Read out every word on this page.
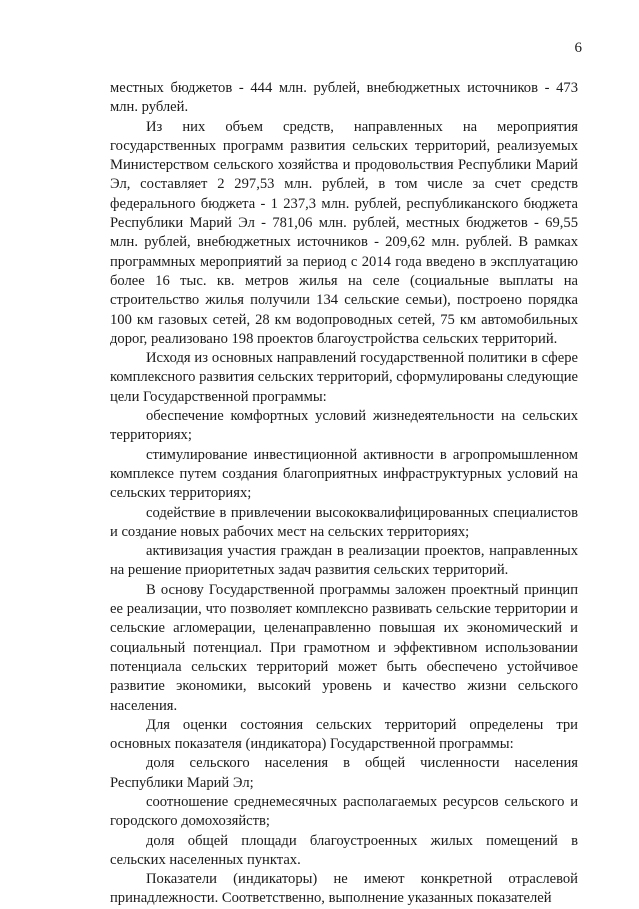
6

местных бюджетов - 444 млн. рублей, внебюджетных источников - 473 млн. рублей.

Из них объем средств, направленных на мероприятия государственных программ развития сельских территорий, реализуемых Министерством сельского хозяйства и продовольствия Республики Марий Эл, составляет 2 297,53 млн. рублей, в том числе за счет средств федерального бюджета - 1 237,3 млн. рублей, республиканского бюджета Республики Марий Эл - 781,06 млн. рублей, местных бюджетов - 69,55 млн. рублей, внебюджетных источников - 209,62 млн. рублей. В рамках программных мероприятий за период с 2014 года введено в эксплуатацию более 16 тыс. кв. метров жилья на селе (социальные выплаты на строительство жилья получили 134 сельские семьи), построено порядка 100 км газовых сетей, 28 км водопроводных сетей, 75 км автомобильных дорог, реализовано 198 проектов благоустройства сельских территорий.

Исходя из основных направлений государственной политики в сфере комплексного развития сельских территорий, сформулированы следующие цели Государственной программы:

обеспечение комфортных условий жизнедеятельности на сельских территориях;

стимулирование инвестиционной активности в агропромышленном комплексе путем создания благоприятных инфраструктурных условий на сельских территориях;

содействие в привлечении высококвалифицированных специалистов и создание новых рабочих мест на сельских территориях;

активизация участия граждан в реализации проектов, направленных на решение приоритетных задач развития сельских территорий.

В основу Государственной программы заложен проектный принцип ее реализации, что позволяет комплексно развивать сельские территории и сельские агломерации, целенаправленно повышая их экономический и социальный потенциал. При грамотном и эффективном использовании потенциала сельских территорий может быть обеспечено устойчивое развитие экономики, высокий уровень и качество жизни сельского населения.

Для оценки состояния сельских территорий определены три основных показателя (индикатора) Государственной программы:

доля сельского населения в общей численности населения Республики Марий Эл;

соотношение среднемесячных располагаемых ресурсов сельского и городского домохозяйств;

доля общей площади благоустроенных жилых помещений в сельских населенных пунктах.

Показатели (индикаторы) не имеют конкретной отраслевой принадлежности. Соответственно, выполнение указанных показателей
